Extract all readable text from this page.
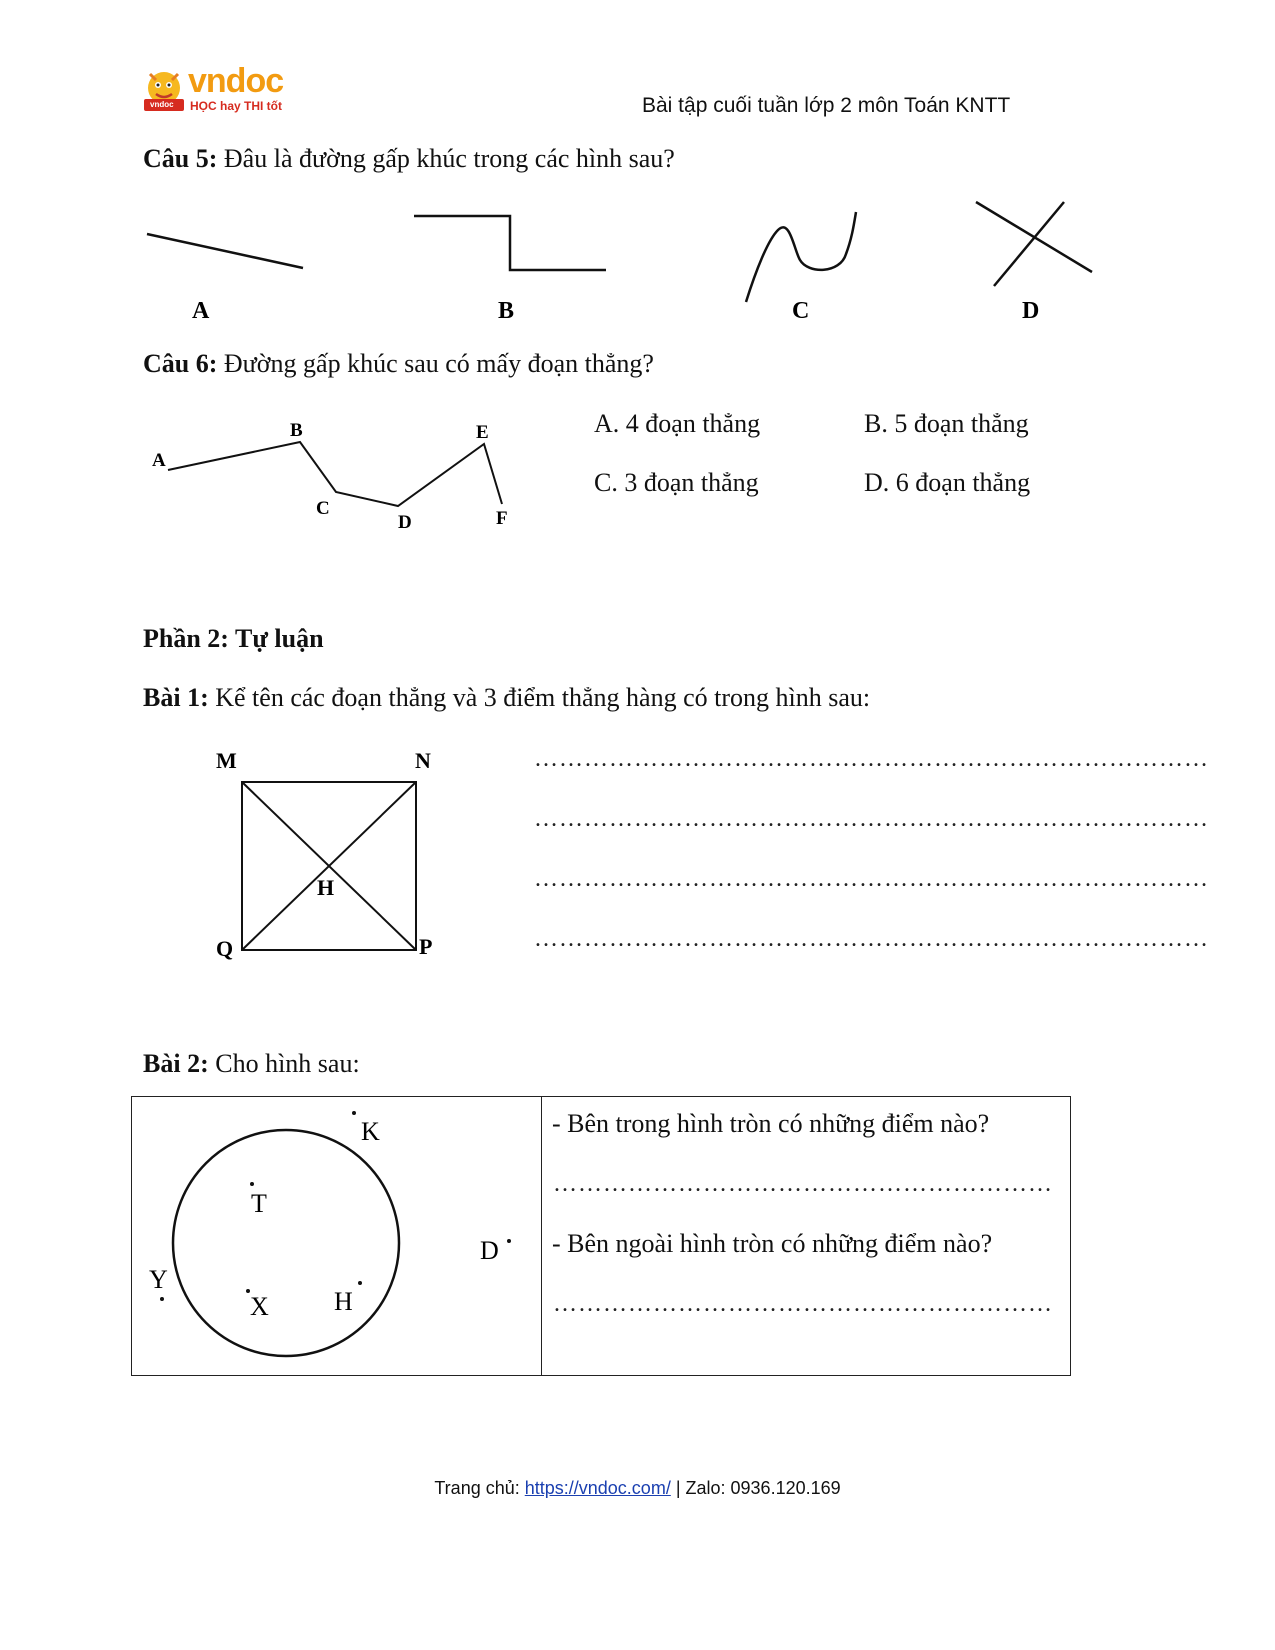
vndoc
vndoc HỌC hay THI tốt	Bài tập cuối tuần lớp 2 môn Toán KNTT
Câu 5: Đâu là đường gấp khúc trong các hình sau?
A	B	C	D
Câu 6: Đường gấp khúc sau có mấy đoạn thẳng?
A
B
C
D
E
F
A. 4 đoạn thẳng	B. 5 đoạn thẳng
C. 3 đoạn thẳng	D. 6 đoạn thẳng
Phần 2: Tự luận
Bài 1: Kể tên các đoạn thẳng và 3 điểm thẳng hàng có trong hình sau:
M	N
Q	P
H
………………………………………………………………………
………………………………………………………………………
………………………………………………………………………
………………………………………………………………………
Bài 2: Cho hình sau:
K
T
Y
X	H
D
- Bên trong hình tròn có những điểm nào?
……………………………………………………
- Bên ngoài hình tròn có những điểm nào?
……………………………………………………
Trang chủ: https://vndoc.com/ | Zalo: 0936.120.169
